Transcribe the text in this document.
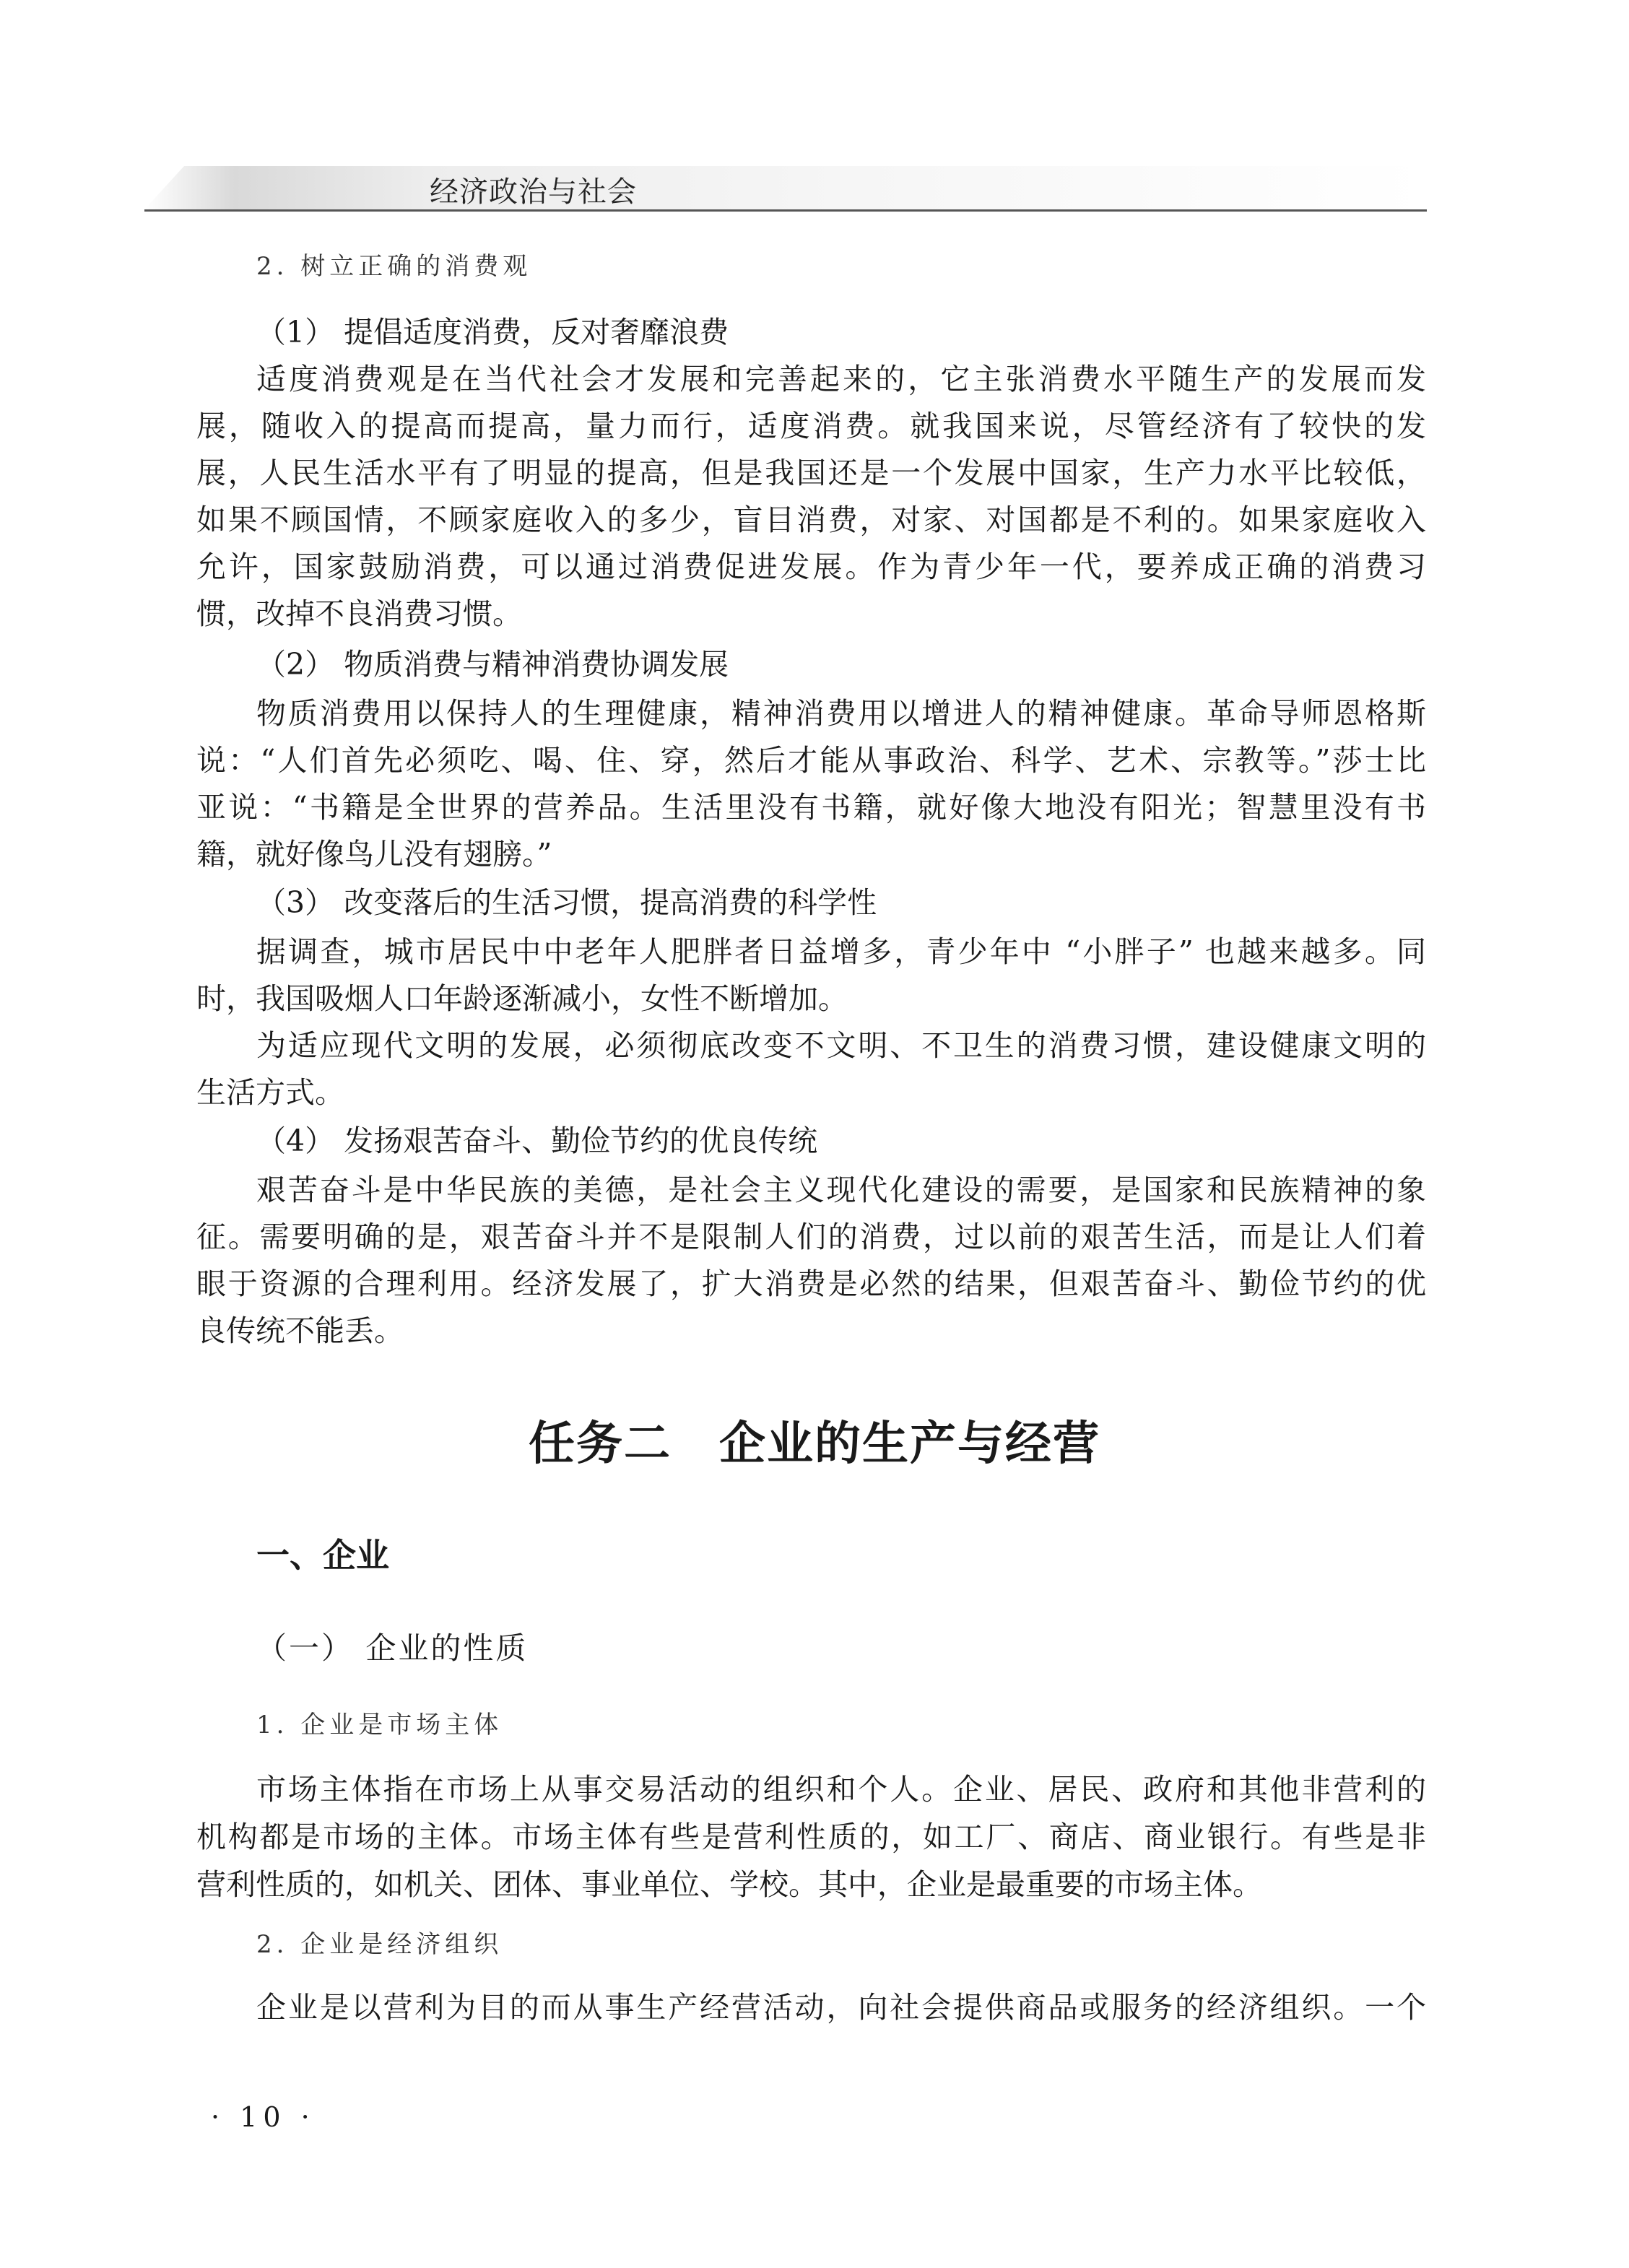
经济政治与社会
2. 树立正确的消费观
（1） 提倡适度消费，反对奢靡浪费
适度消费观是在当代社会才发展和完善起来的，它主张消费水平随生产的发展而发
展，随收入的提高而提高，量力而行，适度消费。就我国来说，尽管经济有了较快的发
展，人民生活水平有了明显的提高，但是我国还是一个发展中国家，生产力水平比较低，
如果不顾国情，不顾家庭收入的多少，盲目消费，对家、对国都是不利的。如果家庭收入
允许，国家鼓励消费，可以通过消费促进发展。作为青少年一代，要养成正确的消费习
惯，改掉不良消费习惯。
（2） 物质消费与精神消费协调发展
物质消费用以保持人的生理健康，精神消费用以增进人的精神健康。革命导师恩格斯
说：“人们首先必须吃、喝、住、穿，然后才能从事政治、科学、艺术、宗教等。”莎士比
亚说：“书籍是全世界的营养品。生活里没有书籍，就好像大地没有阳光；智慧里没有书
籍，就好像鸟儿没有翅膀。”
（3） 改变落后的生活习惯，提高消费的科学性
据调查，城市居民中中老年人肥胖者日益增多，青少年中 “小胖子” 也越来越多。同
时，我国吸烟人口年龄逐渐减小，女性不断增加。
为适应现代文明的发展，必须彻底改变不文明、不卫生的消费习惯，建设健康文明的
生活方式。
（4） 发扬艰苦奋斗、勤俭节约的优良传统
艰苦奋斗是中华民族的美德，是社会主义现代化建设的需要，是国家和民族精神的象
征。需要明确的是，艰苦奋斗并不是限制人们的消费，过以前的艰苦生活，而是让人们着
眼于资源的合理利用。经济发展了，扩大消费是必然的结果，但艰苦奋斗、勤俭节约的优
良传统不能丢。
任务二　企业的生产与经营
一、企业
（一） 企业的性质
1. 企业是市场主体
市场主体指在市场上从事交易活动的组织和个人。企业、居民、政府和其他非营利的
机构都是市场的主体。市场主体有些是营利性质的，如工厂、商店、商业银行。有些是非
营利性质的，如机关、团体、事业单位、学校。其中，企业是最重要的市场主体。
2. 企业是经济组织
企业是以营利为目的而从事生产经营活动，向社会提供商品或服务的经济组织。一个
· 10 ·
